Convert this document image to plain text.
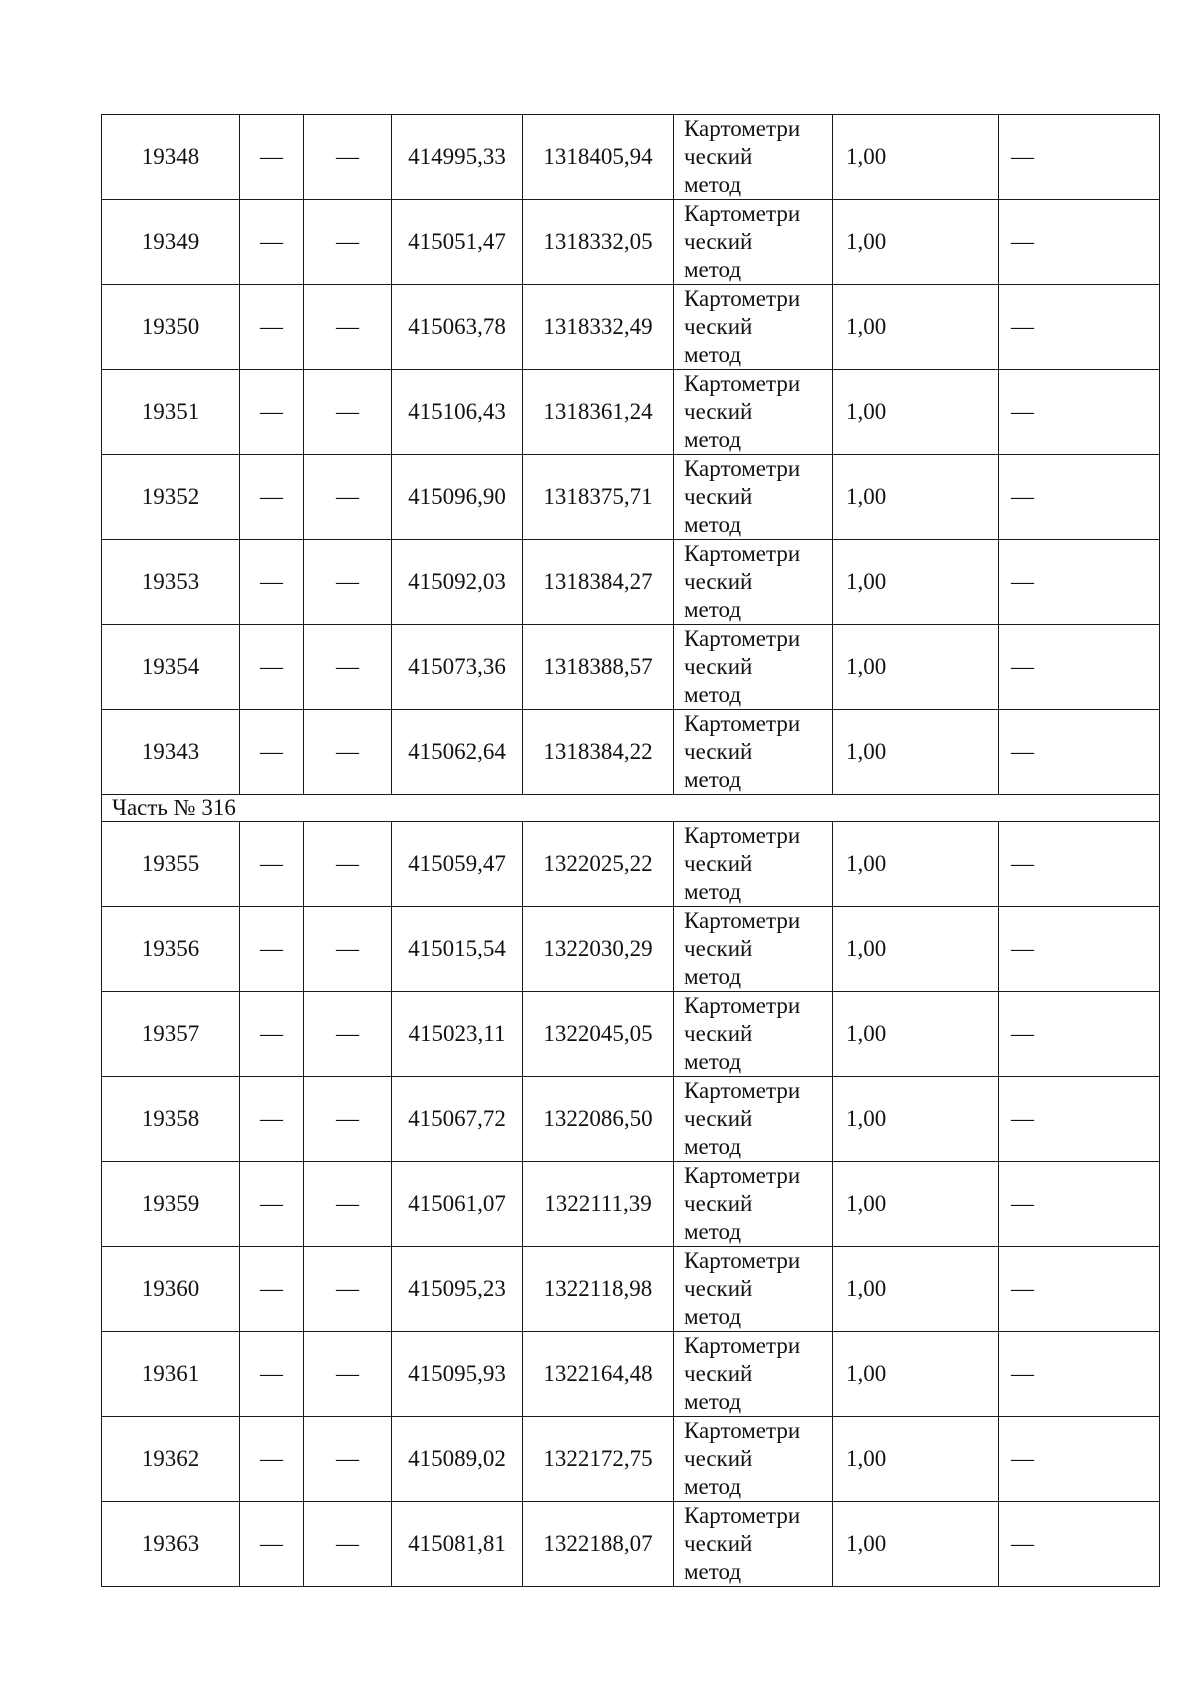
19348	—	—	414995,33	1318405,94	Картометри
ческий
метод	1,00	—
19349	—	—	415051,47	1318332,05	Картометри
ческий
метод	1,00	—
19350	—	—	415063,78	1318332,49	Картометри
ческий
метод	1,00	—
19351	—	—	415106,43	1318361,24	Картометри
ческий
метод	1,00	—
19352	—	—	415096,90	1318375,71	Картометри
ческий
метод	1,00	—
19353	—	—	415092,03	1318384,27	Картометри
ческий
метод	1,00	—
19354	—	—	415073,36	1318388,57	Картометри
ческий
метод	1,00	—
19343	—	—	415062,64	1318384,22	Картометри
ческий
метод	1,00	—
Часть № 316							
19355	—	—	415059,47	1322025,22	Картометри
ческий
метод	1,00	—
19356	—	—	415015,54	1322030,29	Картометри
ческий
метод	1,00	—
19357	—	—	415023,11	1322045,05	Картометри
ческий
метод	1,00	—
19358	—	—	415067,72	1322086,50	Картометри
ческий
метод	1,00	—
19359	—	—	415061,07	1322111,39	Картометри
ческий
метод	1,00	—
19360	—	—	415095,23	1322118,98	Картометри
ческий
метод	1,00	—
19361	—	—	415095,93	1322164,48	Картометри
ческий
метод	1,00	—
19362	—	—	415089,02	1322172,75	Картометри
ческий
метод	1,00	—
19363	—	—	415081,81	1322188,07	Картометри
ческий
метод	1,00	—
